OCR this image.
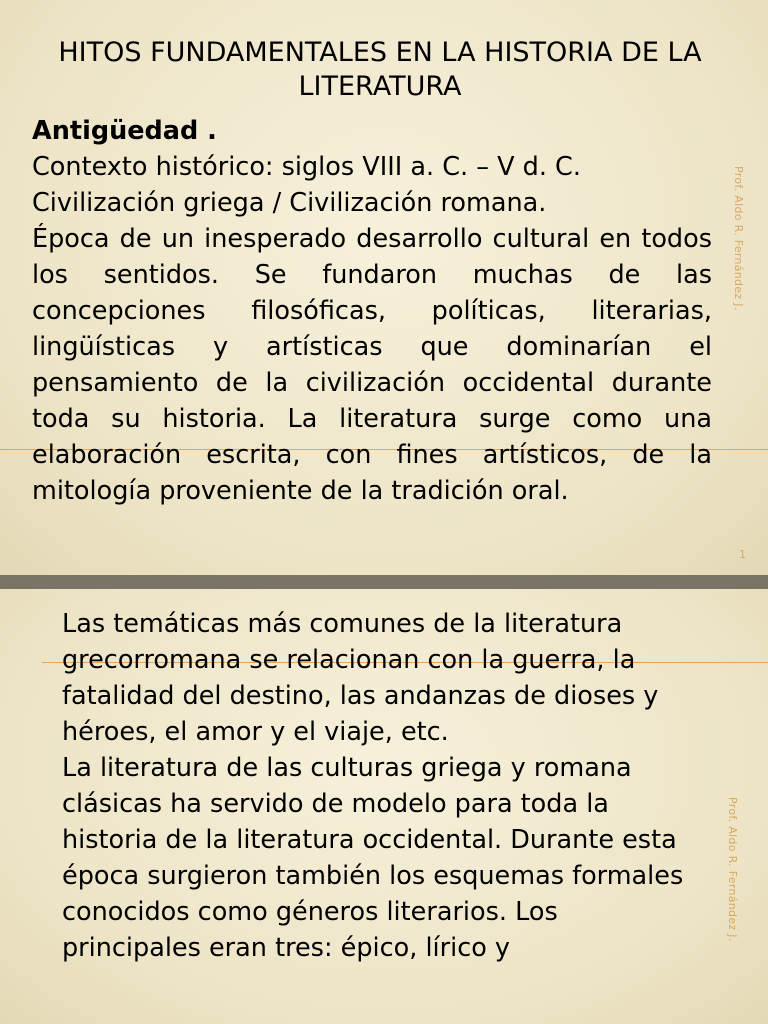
HITOS FUNDAMENTALES EN LA HISTORIA DE LA LITERATURA
Antigüedad .
Contexto histórico: siglos VIII a. C. – V d. C.
Civilización griega / Civilización romana.
Época de un inesperado desarrollo cultural en todos los sentidos. Se fundaron muchas de las concepciones filosóficas, políticas, literarias, lingüísticas y artísticas que dominarían el pensamiento de la civilización occidental durante toda su historia. La literatura surge como una elaboración escrita, con fines artísticos, de la mitología proveniente de la tradición oral.
Prof. Aldo R. Fernández J.
1
Las temáticas más comunes de la literatura grecorromana se relacionan con la guerra, la fatalidad del destino, las andanzas de dioses y héroes, el amor y el viaje, etc.
La literatura de las culturas griega y romana clásicas ha servido de modelo para toda la historia de la literatura occidental. Durante esta época surgieron también los esquemas formales conocidos como géneros literarios. Los principales eran tres: épico, lírico y
Prof. Aldo R. Fernández J.
